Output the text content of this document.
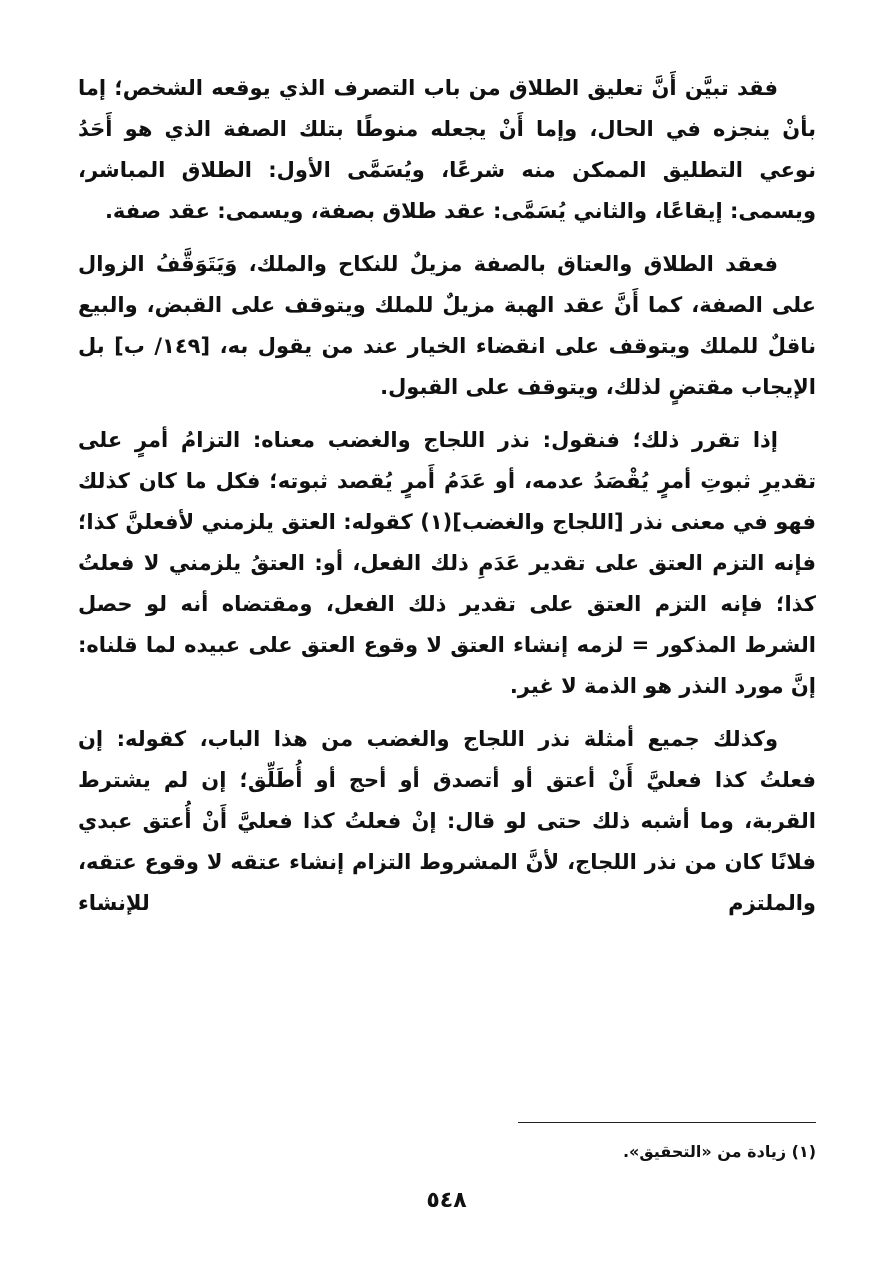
فقد تبيَّن أَنَّ تعليق الطلاق من باب التصرف الذي يوقعه الشخص؛ إما بأنْ ينجزه في الحال، وإما أَنْ يجعله منوطًا بتلك الصفة الذي هو أَحَدُ نوعي التطليق الممكن منه شرعًا، ويُسَمَّى الأول: الطلاق المباشر، ويسمى: إيقاعًا، والثاني يُسَمَّى: عقد طلاق بصفة، ويسمى: عقد صفة.

فعقد الطلاق والعتاق بالصفة مزيلٌ للنكاح والملك، وَيَتَوَقَّفُ الزوال على الصفة، كما أَنَّ عقد الهبة مزيلٌ للملك ويتوقف على القبض، والبيع ناقلٌ للملك ويتوقف على انقضاء الخيار عند من يقول به، [١٤٩/ ب] بل الإيجاب مقتضٍ لذلك، ويتوقف على القبول.

إذا تقرر ذلك؛ فنقول: نذر اللجاج والغضب معناه: التزامُ أمرٍ على تقديرِ ثبوتِ أمرٍ يُقْصَدُ عدمه، أو عَدَمُ أَمرٍ يُقصد ثبوته؛ فكل ما كان كذلك فهو في معنى نذر [اللجاج والغضب](١) كقوله: العتق يلزمني لأفعلنَّ كذا؛ فإنه التزم العتق على تقدير عَدَمِ ذلك الفعل، أو: العتقُ يلزمني لا فعلتُ كذا؛ فإنه التزم العتق على تقدير ذلك الفعل، ومقتضاه أنه لو حصل الشرط المذكور = لزمه إنشاء العتق لا وقوع العتق على عبيده لما قلناه: إنَّ مورد النذر هو الذمة لا غير.

وكذلك جميع أمثلة نذر اللجاج والغضب من هذا الباب، كقوله: إن فعلتُ كذا فعليَّ أَنْ أعتق أو أتصدق أو أحج أو أُطَلِّق؛ إن لم يشترط القربة، وما أشبه ذلك حتى لو قال: إنْ فعلتُ كذا فعليَّ أَنْ أُعتق عبدي فلانًا كان من نذر اللجاج، لأنَّ المشروط التزام إنشاء عتقه لا وقوع عتقه، والملتزم للإنشاء

(١) زيادة من «التحقيق».
٥٤٨
